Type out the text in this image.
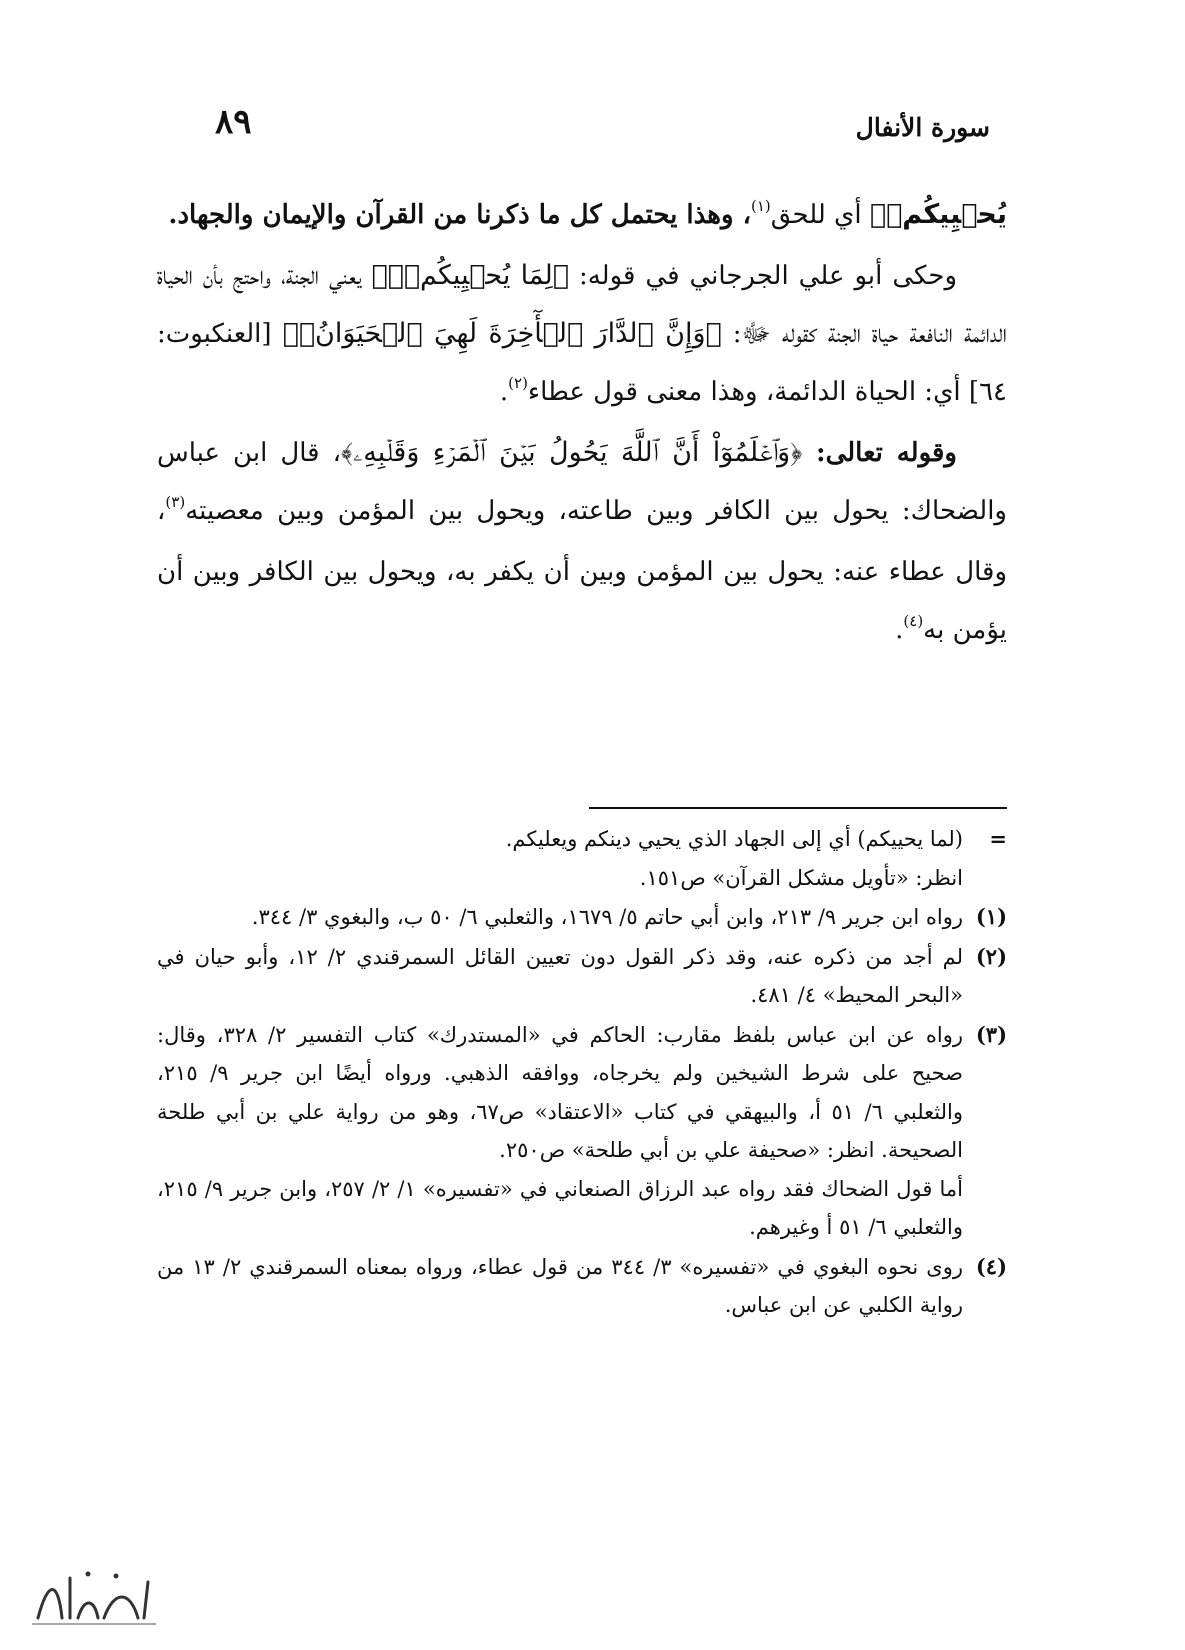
سورة الأنفال
٨٩

يُحۡيِيكُمۡۖ أي للحق$^{(١)}$، وهذا يحتمل كل ما ذكرنا من القرآن والإيمان والجهاد.

وحكى أبو علي الجرجاني في قوله: ﴿لِمَا يُحۡيِيكُمۡۖ﴾ يعني الجنة، واحتج بأن الحياة الدائمة النافعة حياة الجنة كقوله ﷻ: ﴿وَإِنَّ ٱلدَّارَ ٱلۡأٓخِرَةَ لَهِيَ ٱلۡحَيَوَانُۚ﴾ [العنكبوت: ٦٤] أي: الحياة الدائمة، وهذا معنى قول عطاء$^{(٢)}$.

وقوله تعالى: ﴿وَٱعۡلَمُوٓاْ أَنَّ ٱللَّهَ يَحُولُ بَيۡنَ ٱلۡمَرۡءِ وَقَلۡبِهِۦ﴾، قال ابن عباس والضحاك: يحول بين الكافر وبين طاعته، ويحول بين المؤمن وبين معصيته$^{(٣)}$، وقال عطاء عنه: يحول بين المؤمن وبين أن يكفر به، ويحول بين الكافر وبين أن يؤمن به$^{(٤)}$.

=

(لما يحييكم) أي إلى الجهاد الذي يحيي دينكم ويعليكم.

انظر: «تأويل مشكل القرآن» ص١٥١.

(١)

رواه ابن جرير ٩/ ٢١٣، وابن أبي حاتم ٥/ ١٦٧٩، والثعلبي ٦/ ٥٠ ب، والبغوي ٣/ ٣٤٤.

(٢)

لم أجد من ذكره عنه، وقد ذكر القول دون تعيين القائل السمرقندي ٢/ ١٢، وأبو حيان في «البحر المحيط» ٤/ ٤٨١.

(٣)

رواه عن ابن عباس بلفظ مقارب: الحاكم في «المستدرك» كتاب التفسير ٢/ ٣٢٨، وقال: صحيح على شرط الشيخين ولم يخرجاه، ووافقه الذهبي. ورواه أيضًا ابن جرير ٩/ ٢١٥، والثعلبي ٦/ ٥١ أ، والبيهقي في كتاب «الاعتقاد» ص٦٧، وهو من رواية علي بن أبي طلحة الصحيحة. انظر: «صحيفة علي بن أبي طلحة» ص٢٥٠.

أما قول الضحاك فقد رواه عبد الرزاق الصنعاني في «تفسيره» ١/ ٢/ ٢٥٧، وابن جرير ٩/ ٢١٥، والثعلبي ٦/ ٥١ أ وغيرهم.

(٤)

روى نحوه البغوي في «تفسيره» ٣/ ٣٤٤ من قول عطاء، ورواه بمعناه السمرقندي ٢/ ١٣ من رواية الكلبي عن ابن عباس.
